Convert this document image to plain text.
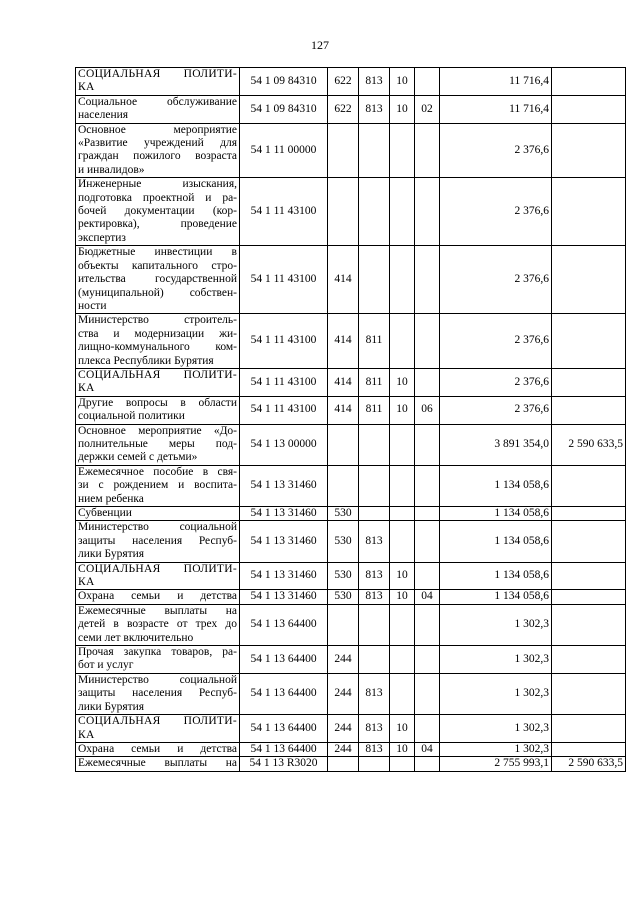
127
СОЦИАЛЬНАЯ ПОЛИТИ-
КА	54 1 09 84310	622	813	10		11 716,4	

Социальное обслуживание
населения	54 1 09 84310	622	813	10	02	11 716,4	

Основное мероприятие
«Развитие учреждений для
граждан пожилого возраста
и инвалидов»	54 1 11 00000					2 376,6	

Инженерные изыскания,
подготовка проектной и ра-
бочей документации (кор-
ректировка), проведение
экспертиз	54 1 11 43100					2 376,6	

Бюджетные инвестиции в
объекты капитального стро-
ительства государственной
(муниципальной) собствен-
ности	54 1 11 43100	414				2 376,6	

Министерство строитель-
ства и модернизации жи-
лищно-коммунального ком-
плекса Республики Бурятия	54 1 11 43100	414	811			2 376,6	

СОЦИАЛЬНАЯ ПОЛИТИ-
КА	54 1 11 43100	414	811	10		2 376,6	

Другие вопросы в области
социальной политики	54 1 11 43100	414	811	10	06	2 376,6	

Основное мероприятие «До-
полнительные меры под-
держки семей с детьми»	54 1 13 00000					3 891 354,0	2 590 633,5

Ежемесячное пособие в свя-
зи с рождением и воспита-
нием ребенка	54 1 13 31460					1 134 058,6	

Субвенции	54 1 13 31460	530				1 134 058,6	

Министерство социальной
защиты населения Респуб-
лики Бурятия	54 1 13 31460	530	813			1 134 058,6	

СОЦИАЛЬНАЯ ПОЛИТИ-
КА	54 1 13 31460	530	813	10		1 134 058,6	

Охрана семьи и детства	54 1 13 31460	530	813	10	04	1 134 058,6	

Ежемесячные выплаты на
детей в возрасте от трех до
семи лет включительно	54 1 13 64400					1 302,3	

Прочая закупка товаров, ра-
бот и услуг	54 1 13 64400	244				1 302,3	

Министерство социальной
защиты населения Респуб-
лики Бурятия	54 1 13 64400	244	813			1 302,3	

СОЦИАЛЬНАЯ ПОЛИТИ-
КА	54 1 13 64400	244	813	10		1 302,3	

Охрана семьи и детства	54 1 13 64400	244	813	10	04	1 302,3	

Ежемесячные выплаты на	54 1 13 R3020					2 755 993,1	2 590 633,5
